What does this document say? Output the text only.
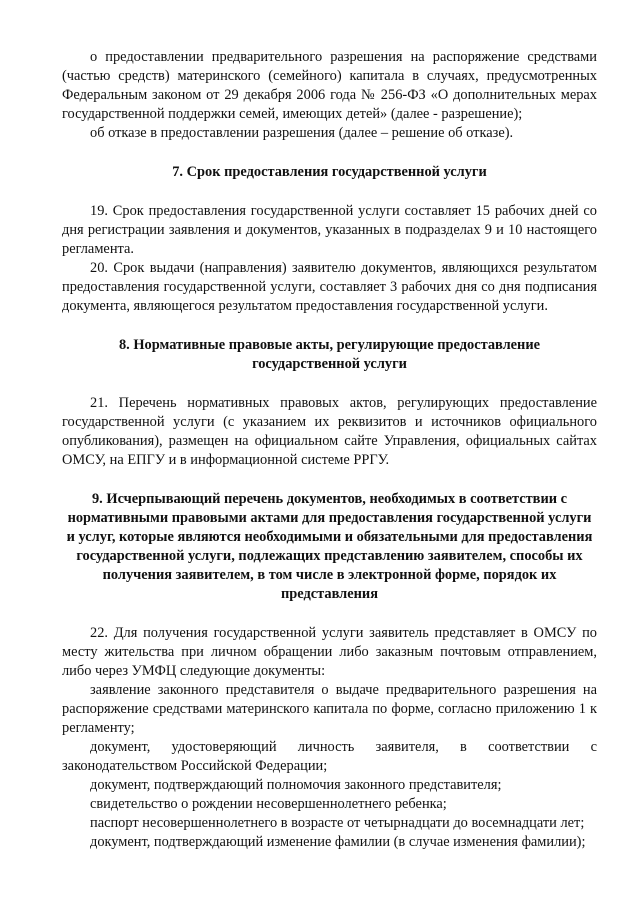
о предоставлении предварительного разрешения на распоряжение средствами (частью средств) материнского (семейного) капитала в случаях, предусмотренных Федеральным законом от 29 декабря 2006 года № 256-ФЗ «О дополнительных мерах государственной поддержки семей, имеющих детей» (далее - разрешение);

об отказе в предоставлении разрешения (далее – решение об отказе).

7. Срок предоставления государственной услуги

19. Срок предоставления государственной услуги составляет 15 рабочих дней со дня регистрации заявления и документов, указанных в подразделах 9 и 10 настоящего регламента.

20. Срок выдачи (направления) заявителю документов, являющихся результатом предоставления государственной услуги, составляет 3 рабочих дня со дня подписания документа, являющегося результатом предоставления государственной услуги.

8. Нормативные правовые акты, регулирующие предоставление

государственной услуги

21. Перечень нормативных правовых актов, регулирующих предоставление государственной услуги (с указанием их реквизитов и источников официального опубликования), размещен на официальном сайте Управления, официальных сайтах ОМСУ, на ЕПГУ и в информационной системе РРГУ.

9. Исчерпывающий перечень документов, необходимых в соответствии с нормативными правовыми актами для предоставления государственной услуги и услуг, которые являются необходимыми и обязательными для предоставления государственной услуги, подлежащих представлению заявителем, способы их получения заявителем, в том числе в электронной форме, порядок их представления

22. Для получения государственной услуги заявитель представляет в ОМСУ по месту жительства при личном обращении либо заказным почтовым отправлением, либо через УМФЦ следующие документы:

заявление законного представителя о выдаче предварительного разрешения на распоряжение средствами материнского капитала по форме, согласно приложению 1 к регламенту;

документ, удостоверяющий личность заявителя, в соответствии с законодательством Российской Федерации;

документ, подтверждающий полномочия законного представителя;

свидетельство о рождении несовершеннолетнего ребенка;

паспорт несовершеннолетнего в возрасте от четырнадцати до восемнадцати лет;

документ, подтверждающий изменение фамилии (в случае изменения фамилии);
